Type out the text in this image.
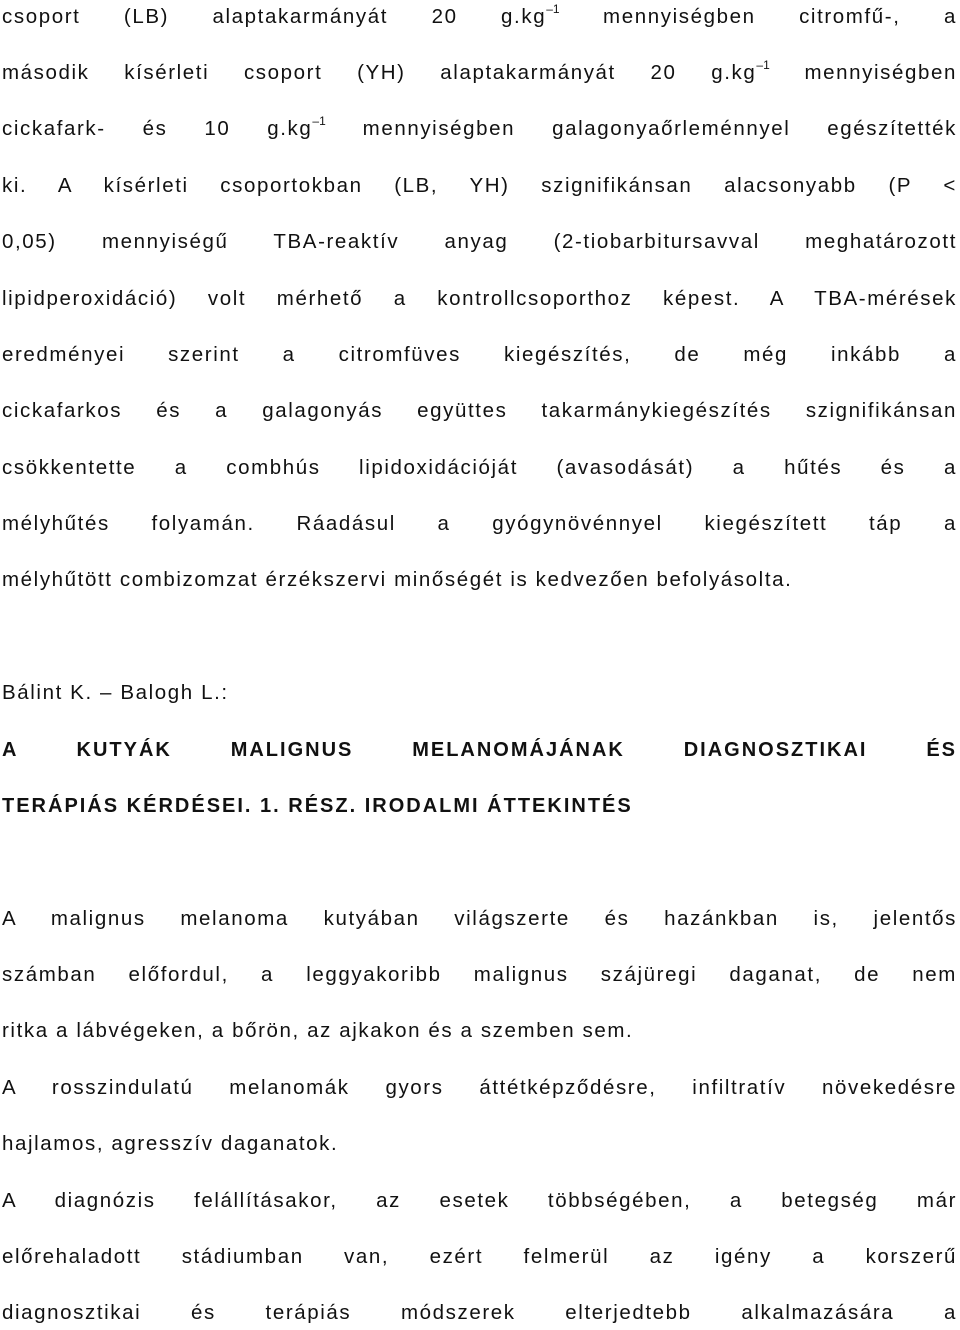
csoport (LB) alaptakarmányát 20 $g.kg^{-1}$ mennyiségben citromfű-, a
második kísérleti csoport (YH) alaptakarmányát 20 $g.kg^{-1}$ mennyiségben
cickafark- és 10 $g.kg^{-1}$ mennyiségben galagonyaőrleménnyel egészítették
ki. A kísérleti csoportokban (LB, YH) szignifikánsan alacsonyabb (P <
0,05) mennyiségű TBA-reaktív anyag (2-tiobarbitursavval meghatározott
lipidperoxidáció) volt mérhető a kontrollcsoporthoz képest. A TBA-mérések
eredményei szerint a citromfüves kiegészítés, de még inkább a
cickafarkos és a galagonyás együttes takarmánykiegészítés szignifikánsan
csökkentette a combhús lipidoxidációját (avasodását) a hűtés és a
mélyhűtés folyamán. Ráadásul a gyógynövénnyel kiegészített táp a
mélyhűtött combizomzat érzékszervi minőségét is kedvezően befolyásolta.
Bálint K. – Balogh L.:
A KUTYÁK MALIGNUS MELANOMÁJÁNAK DIAGNOSZTIKAI ÉS
TERÁPIÁS KÉRDÉSEI. 1. RÉSZ. IRODALMI ÁTTEKINTÉS
A malignus melanoma kutyában világszerte és hazánkban is, jelentős
számban előfordul, a leggyakoribb malignus szájüregi daganat, de nem
ritka a lábvégeken, a bőrön, az ajkakon és a szemben sem.
A rosszindulatú melanomák gyors áttétképződésre, infiltratív növekedésre
hajlamos, agresszív daganatok.
A diagnózis felállításakor, az esetek többségében, a betegség már
előrehaladott stádiumban van, ezért felmerül az igény a korszerű
diagnosztikai és terápiás módszerek elterjedtebb alkalmazására a
